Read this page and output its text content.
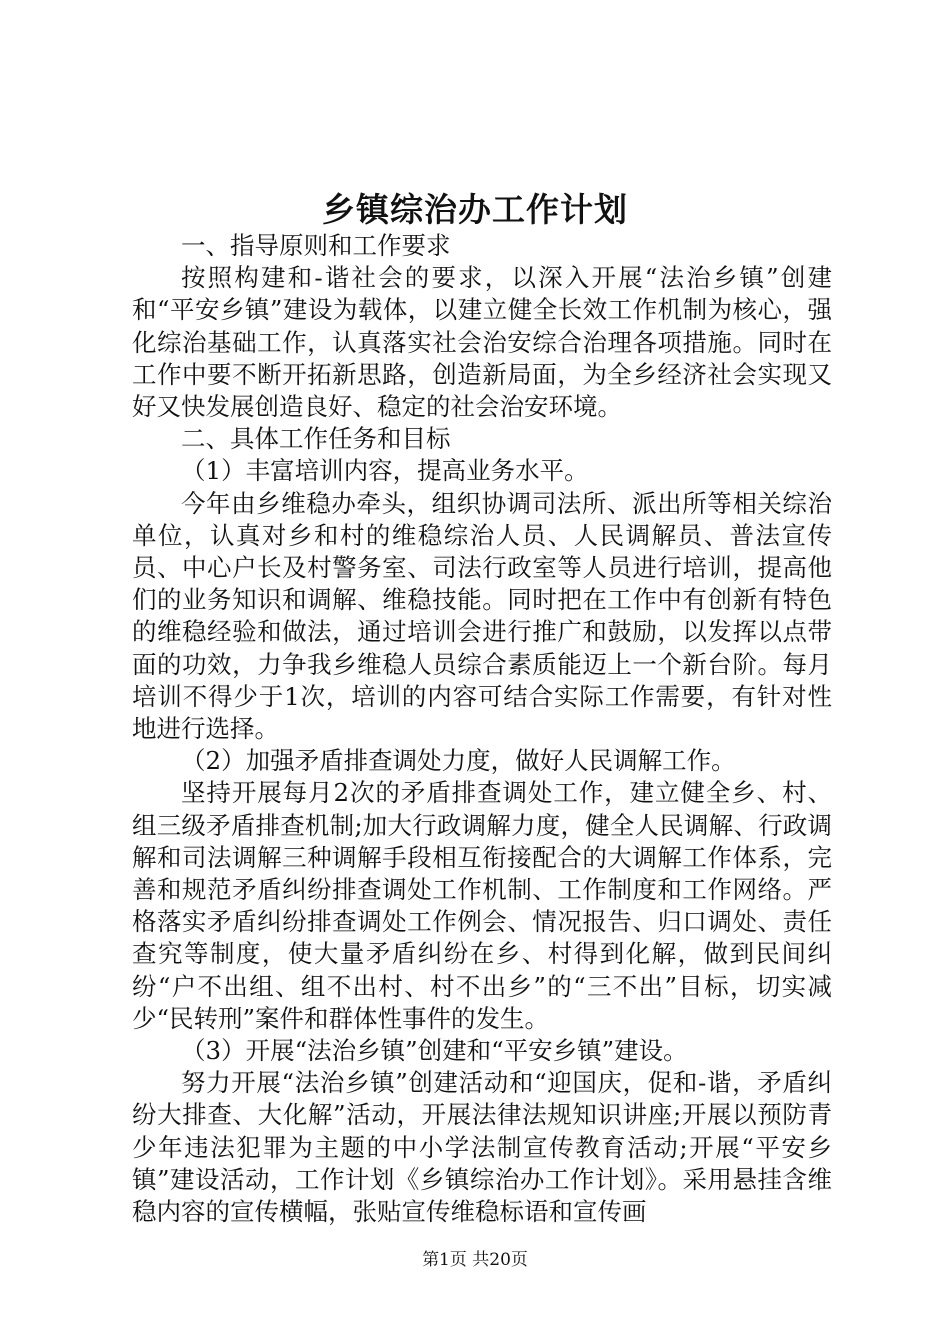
乡镇综治办工作计划

一、指导原则和工作要求

按照构建和-谐社会的要求，以深入开展“法治乡镇”创建和“平安乡镇”建设为载体，以建立健全长效工作机制为核心，强化综治基础工作，认真落实社会治安综合治理各项措施。同时在工作中要不断开拓新思路，创造新局面，为全乡经济社会实现又好又快发展创造良好、稳定的社会治安环境。

二、具体工作任务和目标

（1）丰富培训内容，提高业务水平。

今年由乡维稳办牵头，组织协调司法所、派出所等相关综治单位，认真对乡和村的维稳综治人员、人民调解员、普法宣传员、中心户长及村警务室、司法行政室等人员进行培训，提高他们的业务知识和调解、维稳技能。同时把在工作中有创新有特色的维稳经验和做法，通过培训会进行推广和鼓励，以发挥以点带面的功效，力争我乡维稳人员综合素质能迈上一个新台阶。每月培训不得少于1次，培训的内容可结合实际工作需要，有针对性地进行选择。

（2）加强矛盾排查调处力度，做好人民调解工作。

坚持开展每月2次的矛盾排查调处工作，建立健全乡、村、组三级矛盾排查机制;加大行政调解力度，健全人民调解、行政调解和司法调解三种调解手段相互衔接配合的大调解工作体系，完善和规范矛盾纠纷排查调处工作机制、工作制度和工作网络。严格落实矛盾纠纷排查调处工作例会、情况报告、归口调处、责任查究等制度，使大量矛盾纠纷在乡、村得到化解，做到民间纠纷“户不出组、组不出村、村不出乡”的“三不出”目标，切实减少“民转刑”案件和群体性事件的发生。

（3）开展“法治乡镇”创建和“平安乡镇”建设。

努力开展“法治乡镇”创建活动和“迎国庆，促和-谐，矛盾纠纷大排查、大化解”活动，开展法律法规知识讲座;开展以预防青少年违法犯罪为主题的中小学法制宣传教育活动;开展“平安乡镇”建设活动，工作计划《乡镇综治办工作计划》。采用悬挂含维稳内容的宣传横幅，张贴宣传维稳标语和宣传画

第1页 共20页
